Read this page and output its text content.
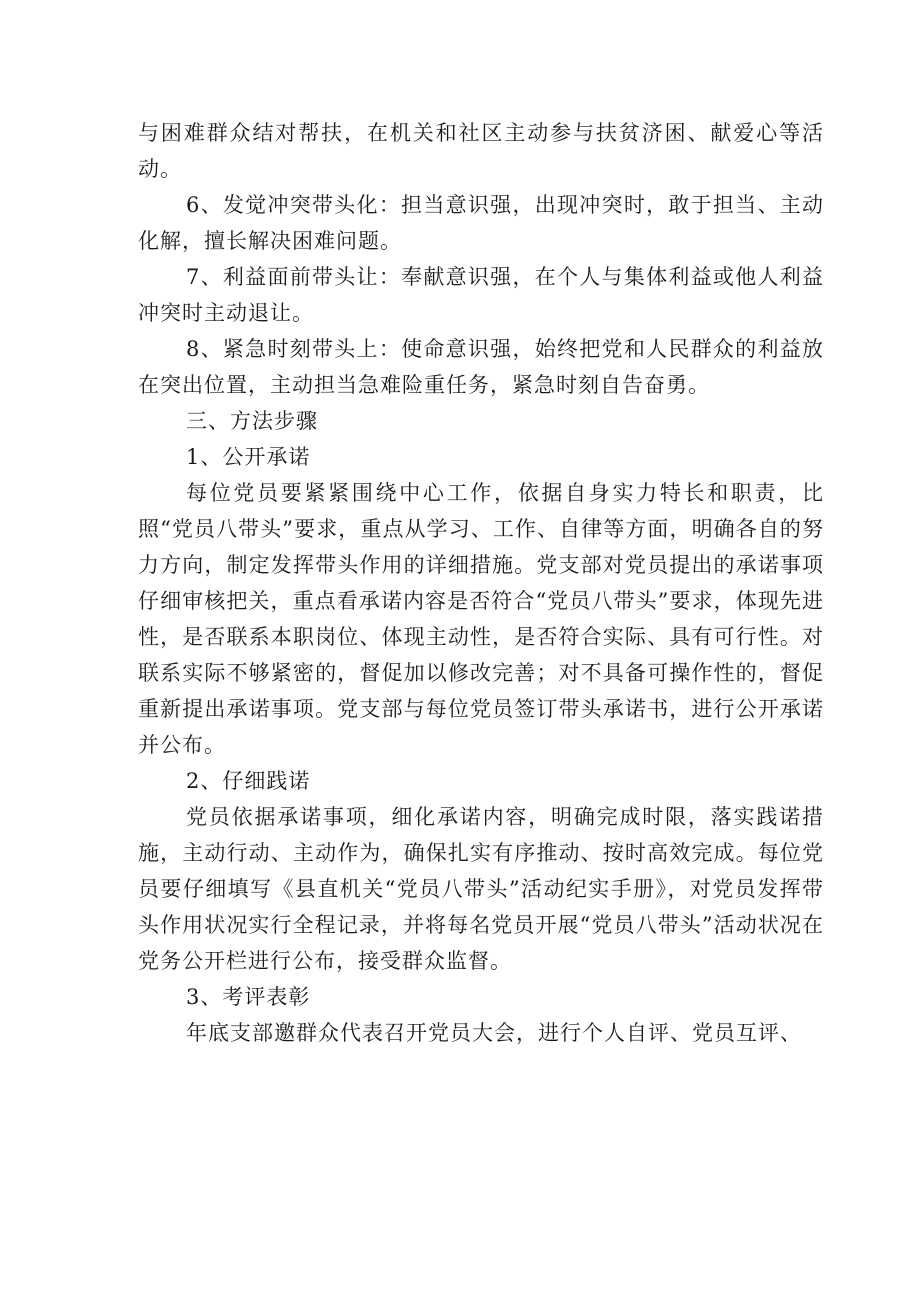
与困难群众结对帮扶，在机关和社区主动参与扶贫济困、献爱心等活动。

6、发觉冲突带头化：担当意识强，出现冲突时，敢于担当、主动化解，擅长解决困难问题。

7、利益面前带头让：奉献意识强，在个人与集体利益或他人利益冲突时主动退让。

8、紧急时刻带头上：使命意识强，始终把党和人民群众的利益放在突出位置，主动担当急难险重任务，紧急时刻自告奋勇。

三、方法步骤

1、公开承诺

每位党员要紧紧围绕中心工作，依据自身实力特长和职责，比照“党员八带头”要求，重点从学习、工作、自律等方面，明确各自的努力方向，制定发挥带头作用的详细措施。党支部对党员提出的承诺事项仔细审核把关，重点看承诺内容是否符合“党员八带头”要求，体现先进性，是否联系本职岗位、体现主动性，是否符合实际、具有可行性。对联系实际不够紧密的，督促加以修改完善；对不具备可操作性的，督促重新提出承诺事项。党支部与每位党员签订带头承诺书，进行公开承诺并公布。

2、仔细践诺

党员依据承诺事项，细化承诺内容，明确完成时限，落实践诺措施，主动行动、主动作为，确保扎实有序推动、按时高效完成。每位党员要仔细填写《县直机关“党员八带头”活动纪实手册》，对党员发挥带头作用状况实行全程记录，并将每名党员开展“党员八带头”活动状况在党务公开栏进行公布，接受群众监督。

3、考评表彰

年底支部邀群众代表召开党员大会，进行个人自评、党员互评、
